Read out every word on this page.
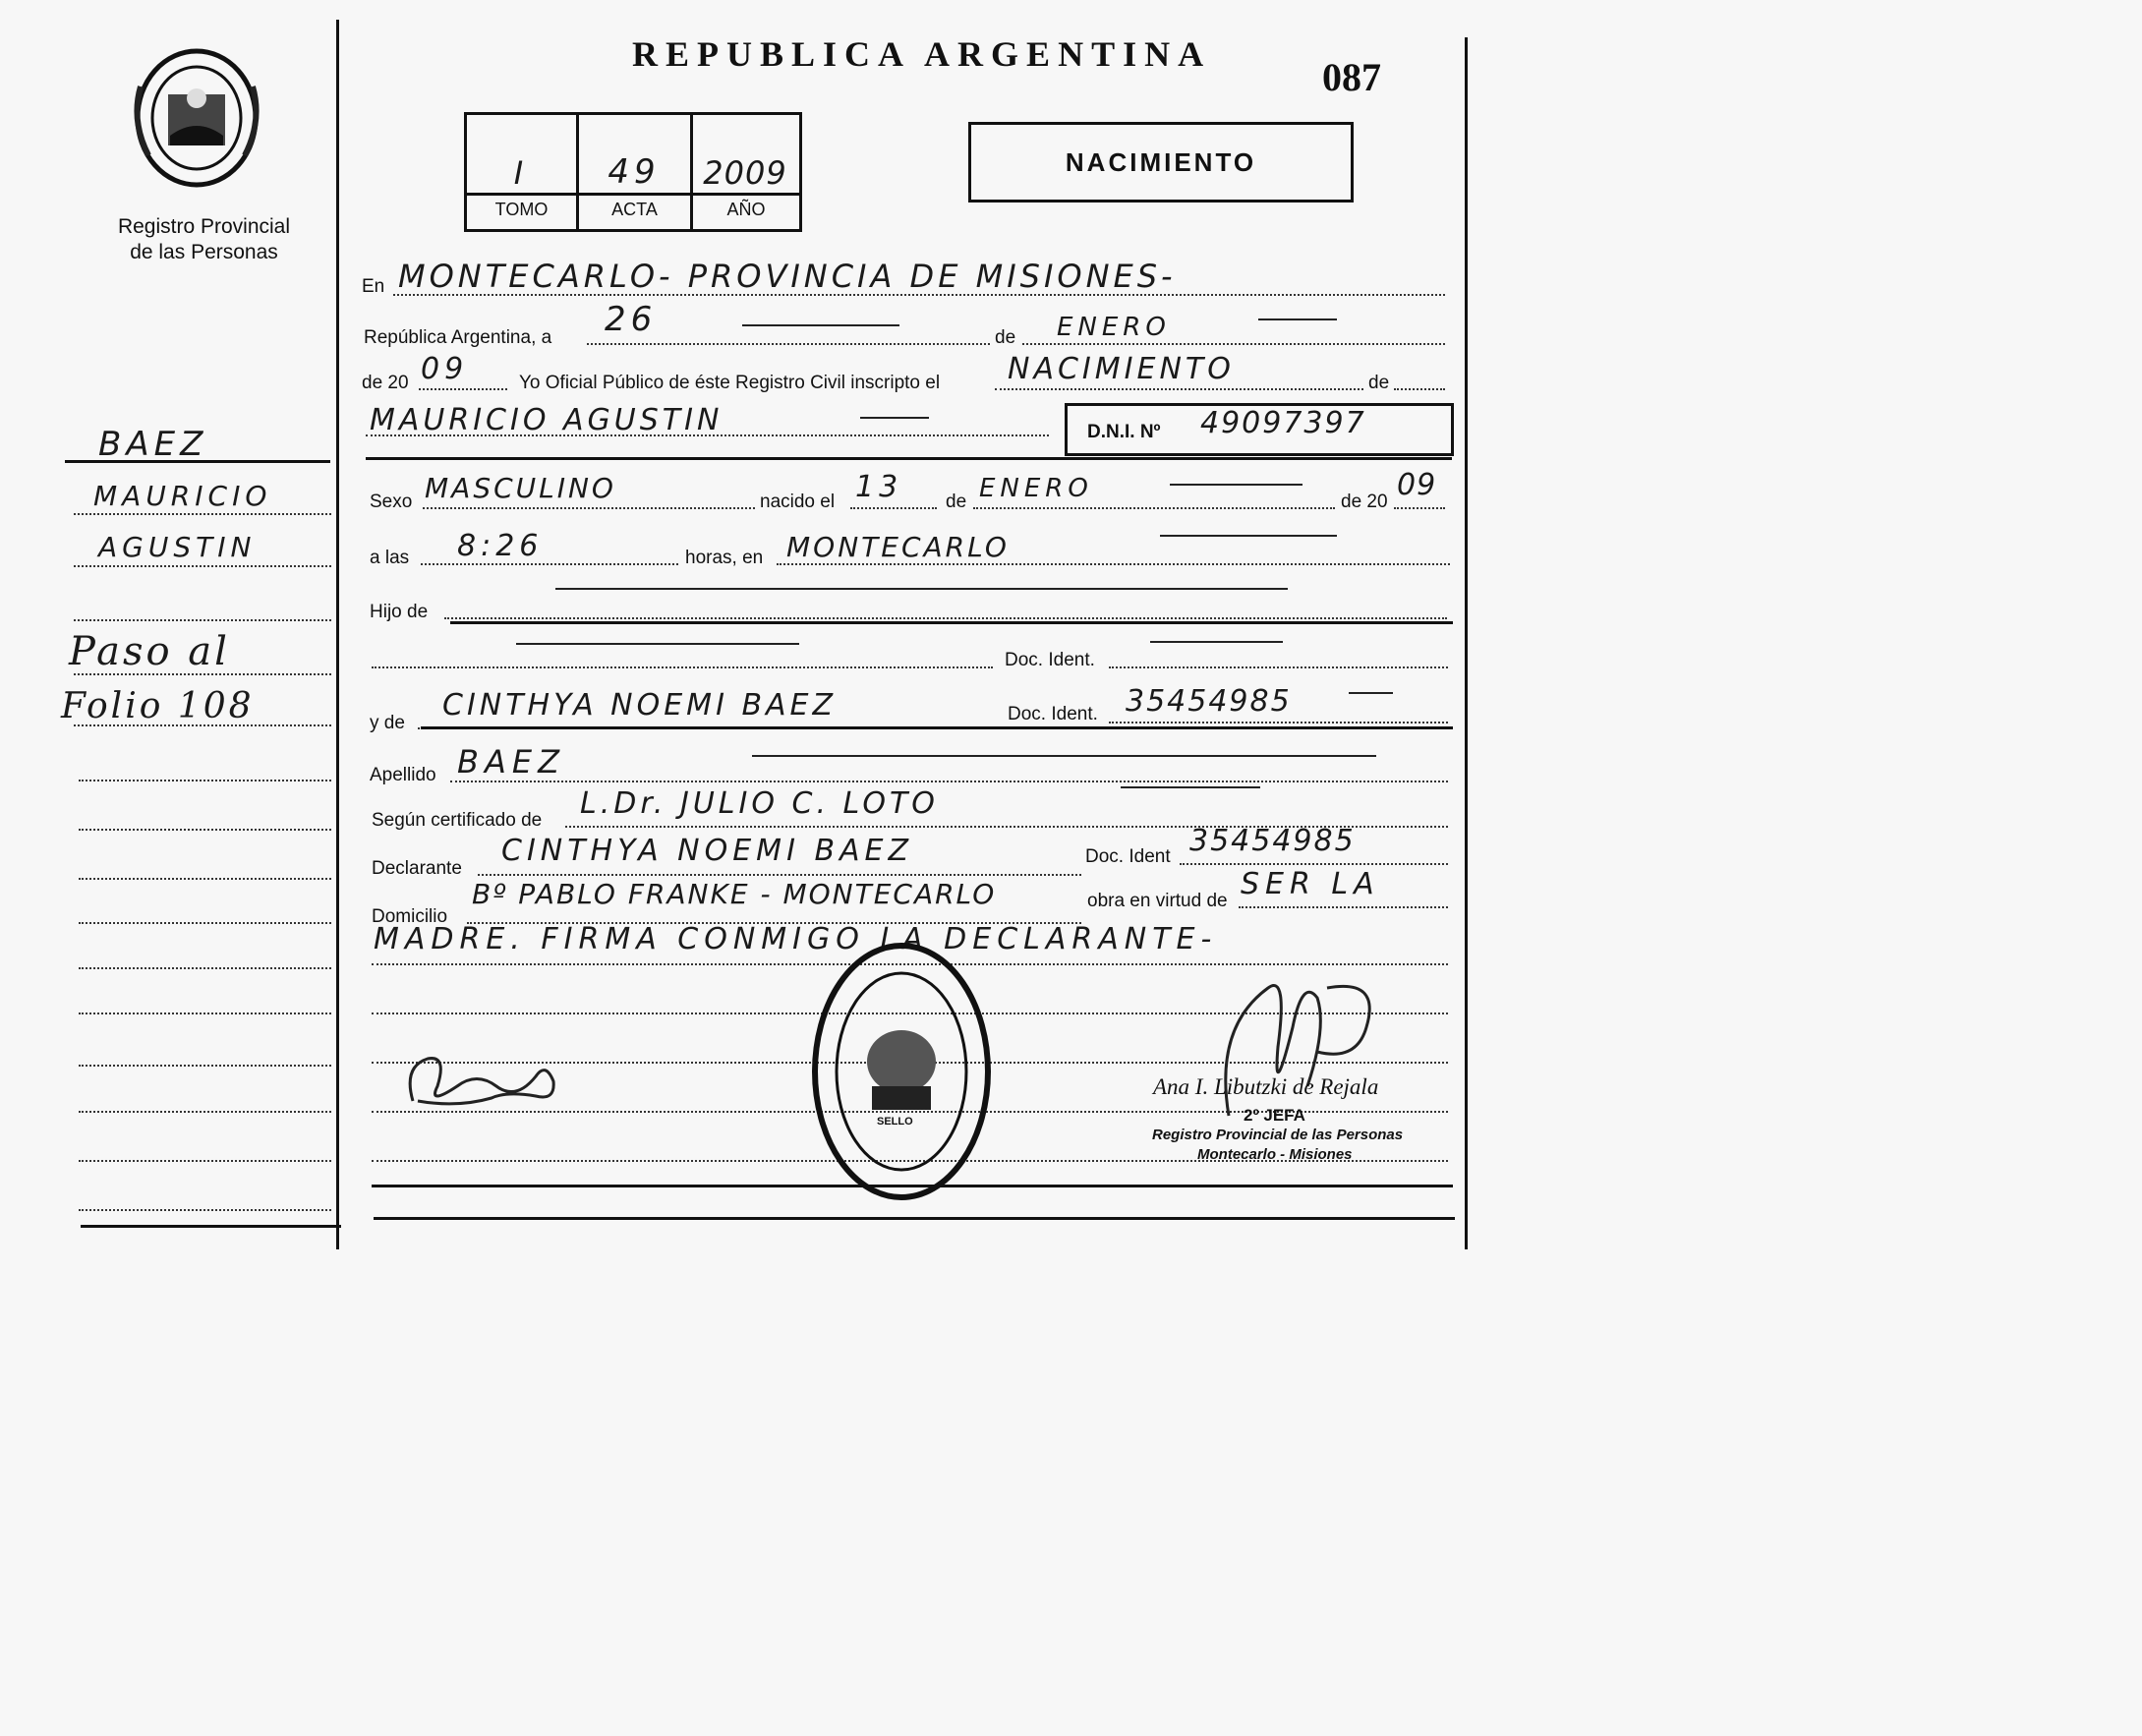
Registro Provincial
de las Personas
BAEZ
MAURICIO
AGUSTIN
Paso al
Folio 108
REPUBLICA ARGENTINA
087
I	49	2009
TOMO	ACTA	AÑO
NACIMIENTO
En MONTECARLO- PROVINCIA DE MISIONES-
República Argentina, a 26	de ENERO
de 20 09	Yo Oficial Público de éste Registro Civil inscripto el NACIMIENTO	de
MAURICIO AGUSTIN	D.N.I. Nº 49097397
Sexo MASCULINO	nacido el 13 de ENERO	de 20 09
a las 8:26	horas, en MONTECARLO
Hijo de
Doc. Ident.
y de
CINTHYA NOEMI BAEZ	Doc. Ident. 35454985
Apellido BAEZ
Según certificado de L.Dr. JULIO C. LOTO
Declarante
CINTHYA NOEMI BAEZ	Doc. Ident 35454985
Domicilio
Bº PABLO FRANKE - MONTECARLO	obra en virtud de SER LA
MADRE. FIRMA CONMIGO LA DECLARANTE-
SELLO
Ana I. Libutzki de Rejala
2º JEFA
Registro Provincial de las Personas
Montecarlo - Misiones
